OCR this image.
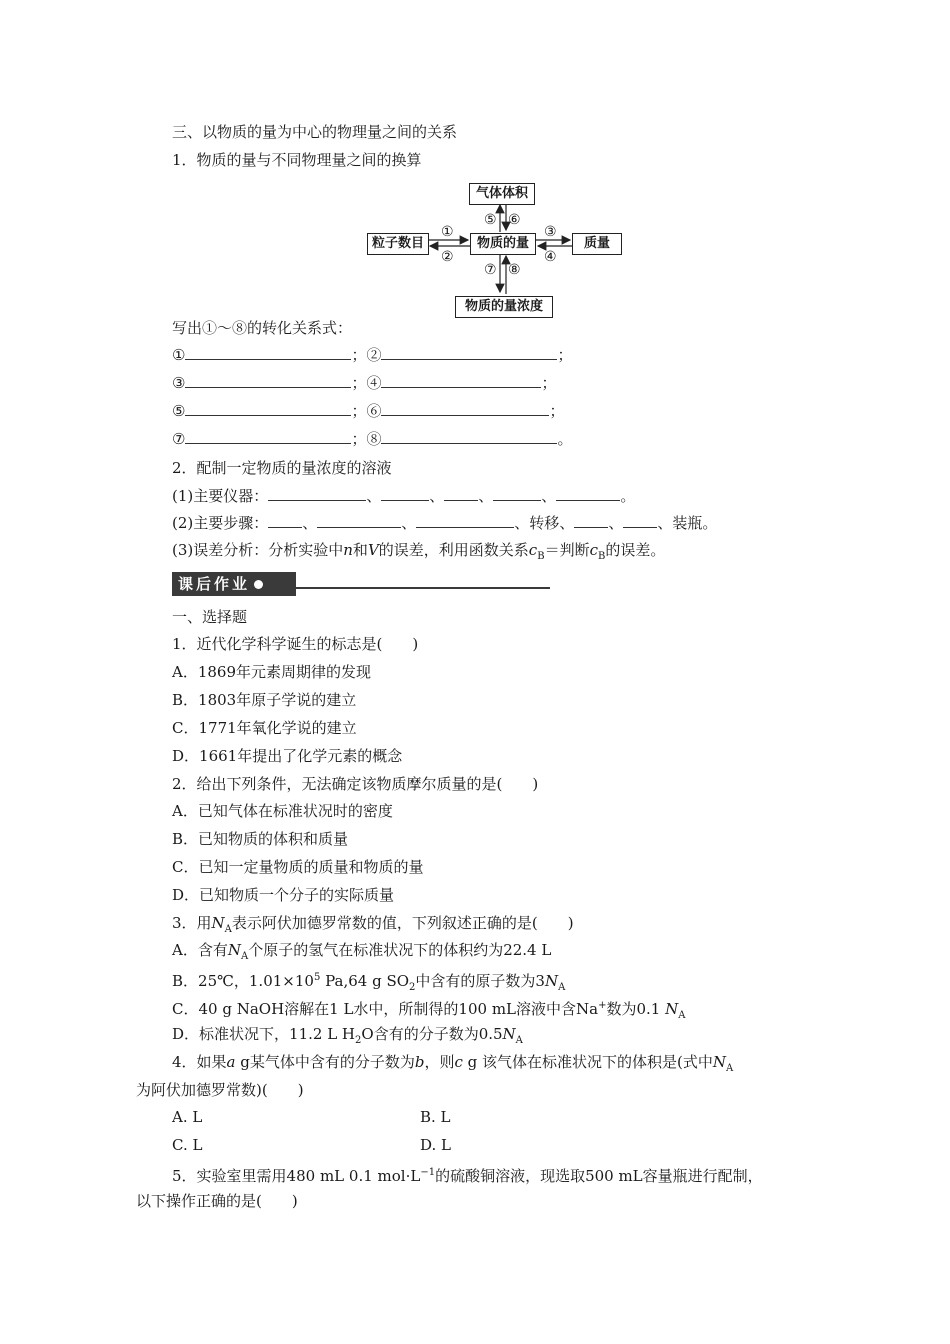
三、以物质的量为中心的物理量之间的关系
1．物质的量与不同物理量之间的换算
气体体积
粒子数目	物质的量	质量
物质的量浓度
①
②
③
④
⑤ ⑥
⑦ ⑧
写出①～⑧的转化关系式：
①	；②	；
③	；④	；
⑤	；⑥	；
⑦	；⑧	。
2．配制一定物质的量浓度的溶液
(1)主要仪器：	、	、 、	、	。
(2)主要步骤： 、	、	、转移、 、 、装瓶。
(3)误差分析：分析实验中n和V的误差，利用函数关系$c_B=$判断$c_B$的误差。
课后作业
一、选择题
1．近代化学科学诞生的标志是(　　)
A．1869年元素周期律的发现
B．1803年原子学说的建立
C．1771年氧化学说的建立
D．1661年提出了化学元素的概念
2．给出下列条件，无法确定该物质摩尔质量的是(　　)
A．已知气体在标准状况时的密度
B．已知物质的体积和质量
C．已知一定量物质的质量和物质的量
D．已知物质一个分子的实际质量
3．用$N_A$表示阿伏加德罗常数的值，下列叙述正确的是(　　)
A．含有$N_A$个原子的氢气在标准状况下的体积约为22.4 L
B．25℃，$1.01\times 10^5$ Pa,64 g $SO_2$中含有的原子数为$3N_A$
C．40 g NaOH溶解在1 L水中，所制得的100 mL溶液中含Na+数为0.1 $N_A$
D．标准状况下，11.2 L $H_2O$含有的分子数为$0.5N_A$
4．如果a g某气体中含有的分子数为b，则c g 该气体在标准状况下的体积是(式中$N_A$
为阿伏加德罗常数)(　　)
A. L	B. L
C. L	D. L
5．实验室里需用480 mL 0.1 $mol\cdot L^{-1}$的硫酸铜溶液，现选取500 mL容量瓶进行配制，
以下操作正确的是(　　)
